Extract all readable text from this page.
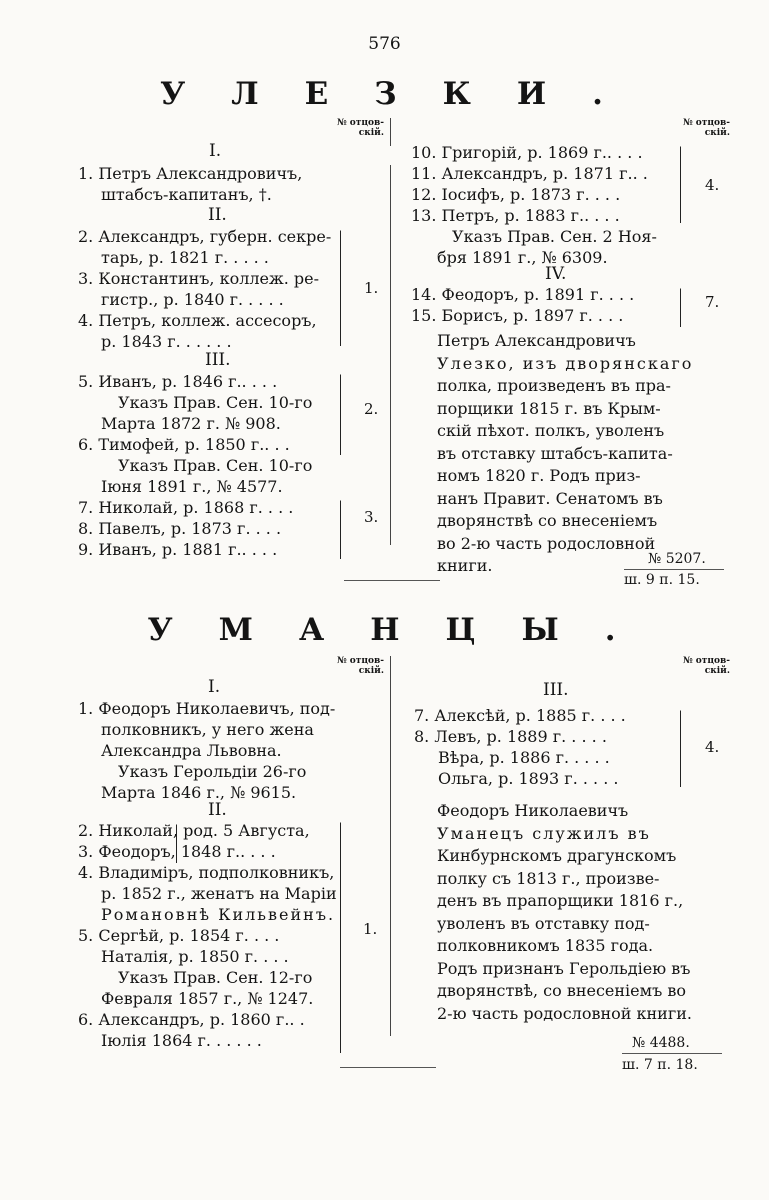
576
УЛЕЗКИ.
№ отцов-
скій.
№ отцов-
скій.
I.
1. Петръ Александровичъ,
штабсъ-капитанъ, †.
II.
2. Александръ, губерн. секре-
тарь, р. 1821 г. . . . .
3. Константинъ, коллеж. ре-
гистр., р. 1840 г. . . . .
4. Петръ, коллеж. ассесоръ,
р. 1843 г. . . . . .
III.
5. Иванъ, р. 1846 г.. . . .
Указъ Прав. Сен. 10-го
Марта 1872 г. № 908.
6. Тимофей, р. 1850 г.. . .
Указъ Прав. Сен. 10-го
Іюня 1891 г., № 4577.
7. Николай, р. 1868 г. . . .
8. Павелъ, р. 1873 г. . . .
9. Иванъ, р. 1881 г.. . . .
1.
2.
3.
10. Григорій, р. 1869 г.. . . .
11. Александръ, р. 1871 г.. .
12. Іосифъ, р. 1873 г. . . .
13. Петръ, р. 1883 г.. . . .
Указъ Прав. Сен. 2 Ноя-
бря 1891 г., № 6309.
IV.
14. Феодоръ, р. 1891 г. . . .
15. Борисъ, р. 1897 г. . . .
4.
7.
Петръ Александровичъ
Улезко, изъ дворянскаго
полка, произведенъ въ пра-
порщики 1815 г. въ Крым-
скій пѣхот. полкъ, уволенъ
въ отставку штабсъ-капита-
номъ 1820 г. Родъ приз-
нанъ Правит. Сенатомъ въ
дворянствѣ со внесеніемъ
во 2-ю часть родословной
книги.	№ 5207.
ш. 9 п. 15.
УМАНЦЫ.
№ отцов-
скій.
№ отцов-
скій.
I.
1. Феодоръ Николаевичъ, под-
полковникъ, у него жена
Александра Львовна.
Указъ Герольдіи 26-го
Марта 1846 г., № 9615.
II.
2. Николай, род. 5 Августа,
3. Феодоръ, 1848 г.. . . .
4. Владиміръ, подполковникъ,
р. 1852 г., женатъ на Маріи
Романовнѣ Кильвейнъ.
5. Сергѣй, р. 1854 г. . . .
Наталія, р. 1850 г. . . .
Указъ Прав. Сен. 12-го
Февраля 1857 г., № 1247.
6. Александръ, р. 1860 г.. .
Іюлія 1864 г. . . . . .
1.
III.
7. Алексѣй, р. 1885 г. . . .
8. Левъ, р. 1889 г. . . . .
Вѣра, р. 1886 г. . . . .
Ольга, р. 1893 г. . . . .
4.
Феодоръ Николаевичъ
Уманецъ служилъ въ
Кинбурнскомъ драгунскомъ
полку съ 1813 г., произве-
денъ въ прапорщики 1816 г.,
уволенъ въ отставку под-
полковникомъ 1835 года.
Родъ признанъ Герольдіею въ
дворянствѣ, со внесеніемъ во
2-ю часть родословной книги.
№ 4488.
ш. 7 п. 18.
